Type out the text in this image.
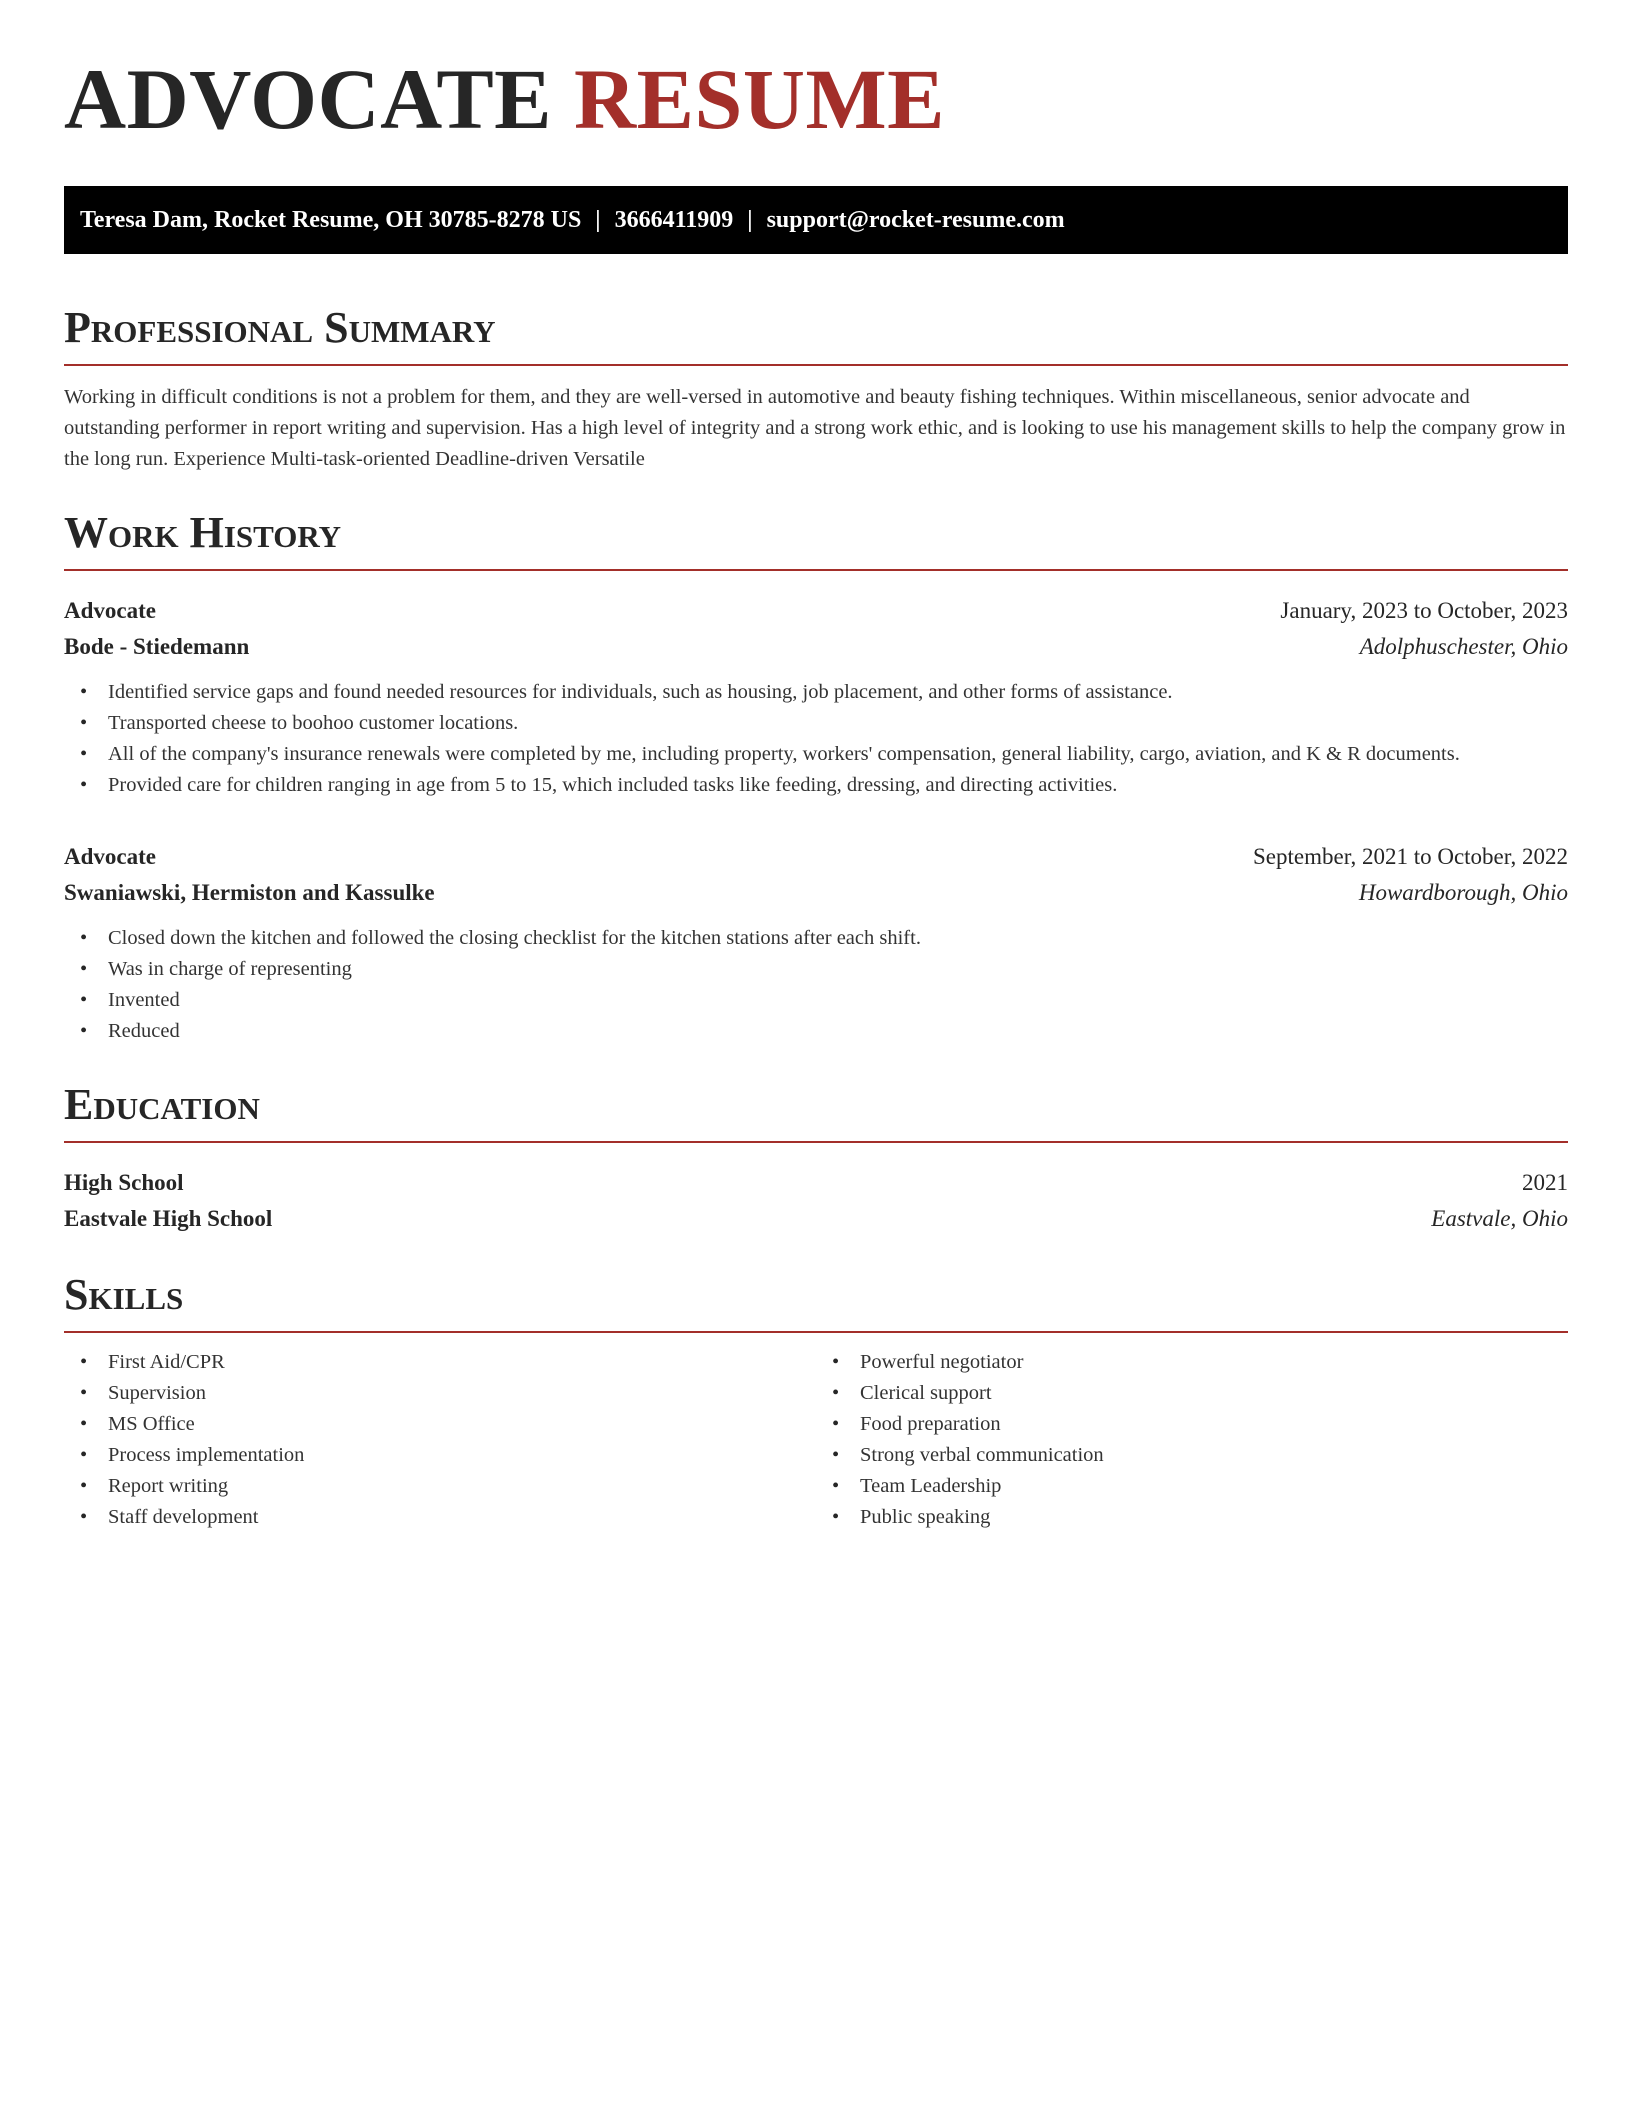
ADVOCATE RESUME
Teresa Dam, Rocket Resume, OH 30785-8278 US | 3666411909 | support@rocket-resume.com
Professional Summary

Working in difficult conditions is not a problem for them, and they are well-versed in automotive and beauty fishing techniques. Within miscellaneous, senior advocate and outstanding performer in report writing and supervision. Has a high level of integrity and a strong work ethic, and is looking to use his management skills to help the company grow in the long run. Experience Multi-task-oriented Deadline-driven Versatile

Work History
Advocate	January, 2023 to October, 2023
Bode - Stiedemann	Adolphuschester, Ohio
• Identified service gaps and found needed resources for individuals, such as housing, job placement, and other forms of assistance.
• Transported cheese to boohoo customer locations.
• All of the company's insurance renewals were completed by me, including property, workers' compensation, general liability, cargo, aviation, and K & R documents.
• Provided care for children ranging in age from 5 to 15, which included tasks like feeding, dressing, and directing activities.
Advocate	September, 2021 to October, 2022
Swaniawski, Hermiston and Kassulke	Howardborough, Ohio
• Closed down the kitchen and followed the closing checklist for the kitchen stations after each shift.
• Was in charge of representing
• Invented
• Reduced
Education
High School	2021
Eastvale High School	Eastvale, Ohio
Skills
• First Aid/CPR
• Supervision
• MS Office
• Process implementation
• Report writing
• Staff development
• Powerful negotiator
• Clerical support
• Food preparation
• Strong verbal communication
• Team Leadership
• Public speaking
